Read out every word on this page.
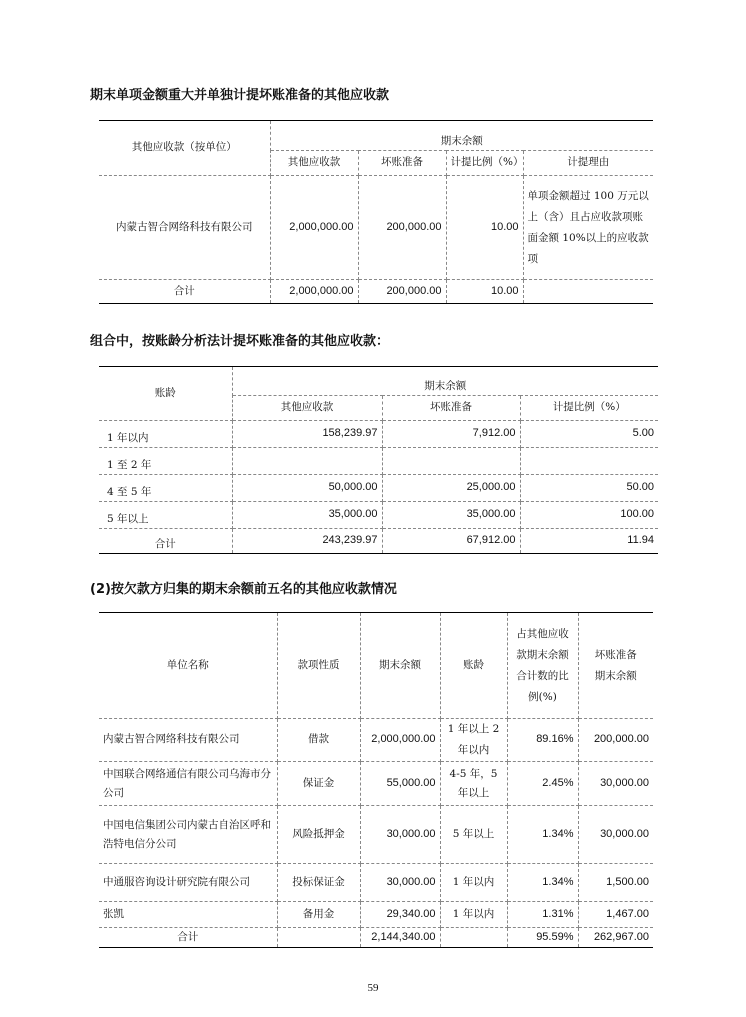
期末单项金额重大并单独计提坏账准备的其他应收款
其他应收款（按单位）	期末余额			
	其他应收款	坏账准备	计提比例（%）	计提理由
内蒙古智合网络科技有限公司	2,000,000.00	200,000.00	10.00	单项金额超过 100 万元以上（含）且占应收款项账面金额 10%以上的应收款项
合计	2,000,000.00	200,000.00	10.00	
组合中，按账龄分析法计提坏账准备的其他应收款：
账龄	期末余额		
	其他应收款	坏账准备	计提比例（%）
1 年以内	158,239.97	7,912.00	5.00
1 至 2 年			
4 至 5 年	50,000.00	25,000.00	50.00
5 年以上	35,000.00	35,000.00	100.00
合计	243,239.97	67,912.00	11.94
(2)按欠款方归集的期末余额前五名的其他应收款情况
单位名称	款项性质	期末余额	账龄	占其他应收款期末余额合计数的比例(%)	坏账准备期末余额
内蒙古智合网络科技有限公司	借款	2,000,000.00	1 年以上 2 年以内	89.16%	200,000.00
中国联合网络通信有限公司乌海市分公司	保证金	55,000.00	4-5 年，5 年以上	2.45%	30,000.00
中国电信集团公司内蒙古自治区呼和浩特电信分公司	风险抵押金	30,000.00	5 年以上	1.34%	30,000.00
中通服咨询设计研究院有限公司	投标保证金	30,000.00	1 年以内	1.34%	1,500.00
张凯	备用金	29,340.00	1 年以内	1.31%	1,467.00
合计		2,144,340.00		95.59%	262,967.00
59
